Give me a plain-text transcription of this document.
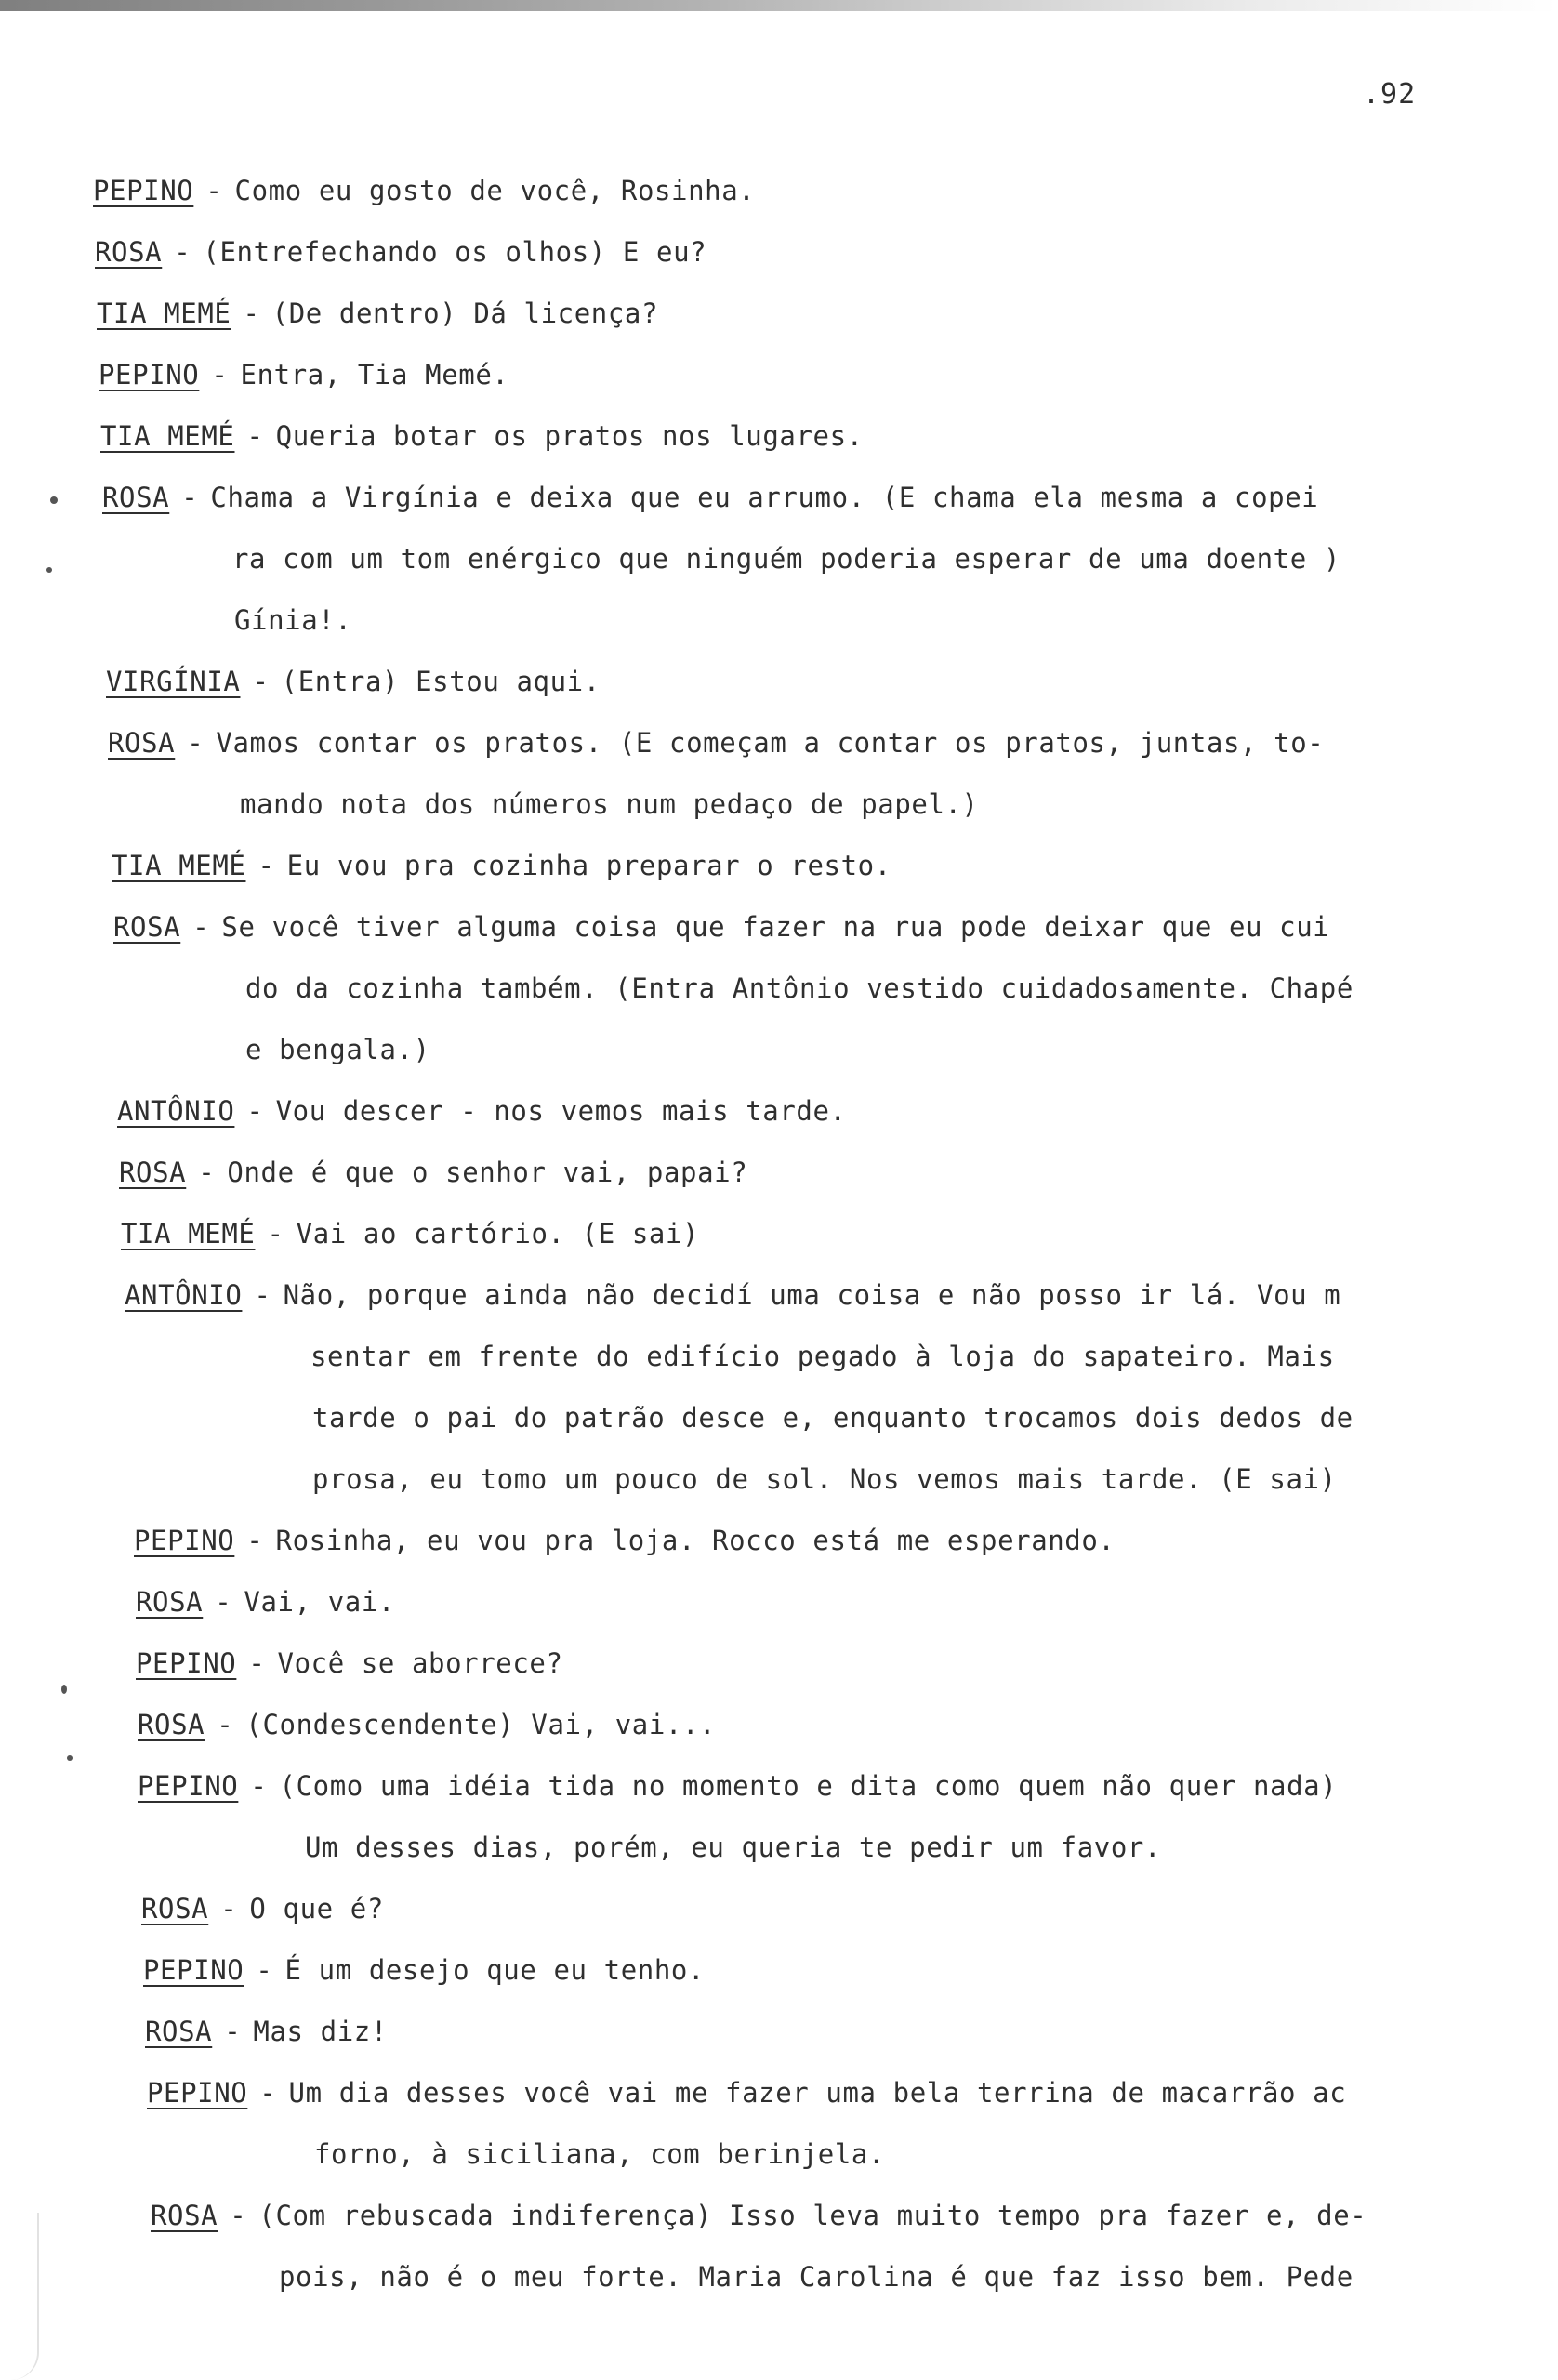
.92
PEPINO - Como eu gosto de você, Rosinha.
ROSA - (Entrefechando os olhos) E eu?
TIA MEMÉ - (De dentro) Dá licença?
PEPINO - Entra, Tia Memé.
TIA MEMÉ - Queria botar os pratos nos lugares.
ROSA - Chama a Virgínia e deixa que eu arrumo. (E chama ela mesma a copei
ra com um tom enérgico que ninguém poderia esperar de uma doente )
Gínia!.
VIRGÍNIA - (Entra) Estou aqui.
ROSA - Vamos contar os pratos. (E começam a contar os pratos, juntas, to-
mando nota dos números num pedaço de papel.)
TIA MEMÉ - Eu vou pra cozinha preparar o resto.
ROSA - Se você tiver alguma coisa que fazer na rua pode deixar que eu cui
do da cozinha também. (Entra Antônio vestido cuidadosamente. Chapé
e bengala.)
ANTÔNIO - Vou descer - nos vemos mais tarde.
ROSA - Onde é que o senhor vai, papai?
TIA MEMÉ - Vai ao cartório. (E sai)
ANTÔNIO - Não, porque ainda não decidí uma coisa e não posso ir lá. Vou m
sentar em frente do edifício pegado à loja do sapateiro. Mais
tarde o pai do patrão desce e, enquanto trocamos dois dedos de
prosa, eu tomo um pouco de sol. Nos vemos mais tarde. (E sai)
PEPINO - Rosinha, eu vou pra loja. Rocco está me esperando.
ROSA - Vai, vai.
PEPINO - Você se aborrece?
ROSA - (Condescendente) Vai, vai...
PEPINO - (Como uma idéia tida no momento e dita como quem não quer nada)
Um desses dias, porém, eu queria te pedir um favor.
ROSA - O que é?
PEPINO - É um desejo que eu tenho.
ROSA - Mas diz!
PEPINO - Um dia desses você vai me fazer uma bela terrina de macarrão ac
forno, à siciliana, com berinjela.
ROSA - (Com rebuscada indiferença) Isso leva muito tempo pra fazer e, de-
pois, não é o meu forte. Maria Carolina é que faz isso bem. Pede
